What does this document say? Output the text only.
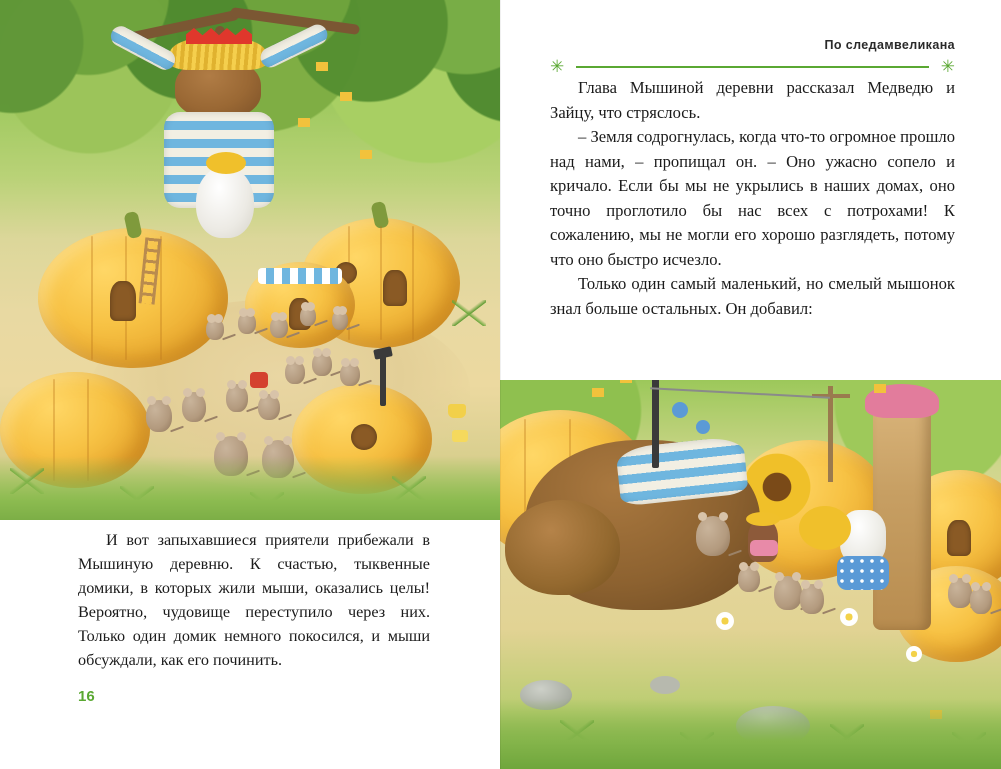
И вот запыхавшиеся приятели прибежали в Мышиную деревню. К счастью, тыквенные домики, в которых жили мыши, оказались целы! Вероятно, чудовище переступило через них. Только один домик немного покосился, и мыши обсуждали, как его починить.

16
По следамвеликана
✳	✳

Глава Мышиной деревни рассказал Медведю и Зайцу, что стряслось.

– Земля содрогнулась, когда что-то огромное прошло над нами, – пропищал он. – Оно ужасно сопело и кричало. Если бы мы не укрылись в наших домах, оно точно проглотило бы нас всех с потрохами! К сожалению, мы не могли его хорошо разглядеть, потому что оно быстро исчезло.

Только один самый маленький, но смелый мышонок знал больше остальных. Он добавил:
